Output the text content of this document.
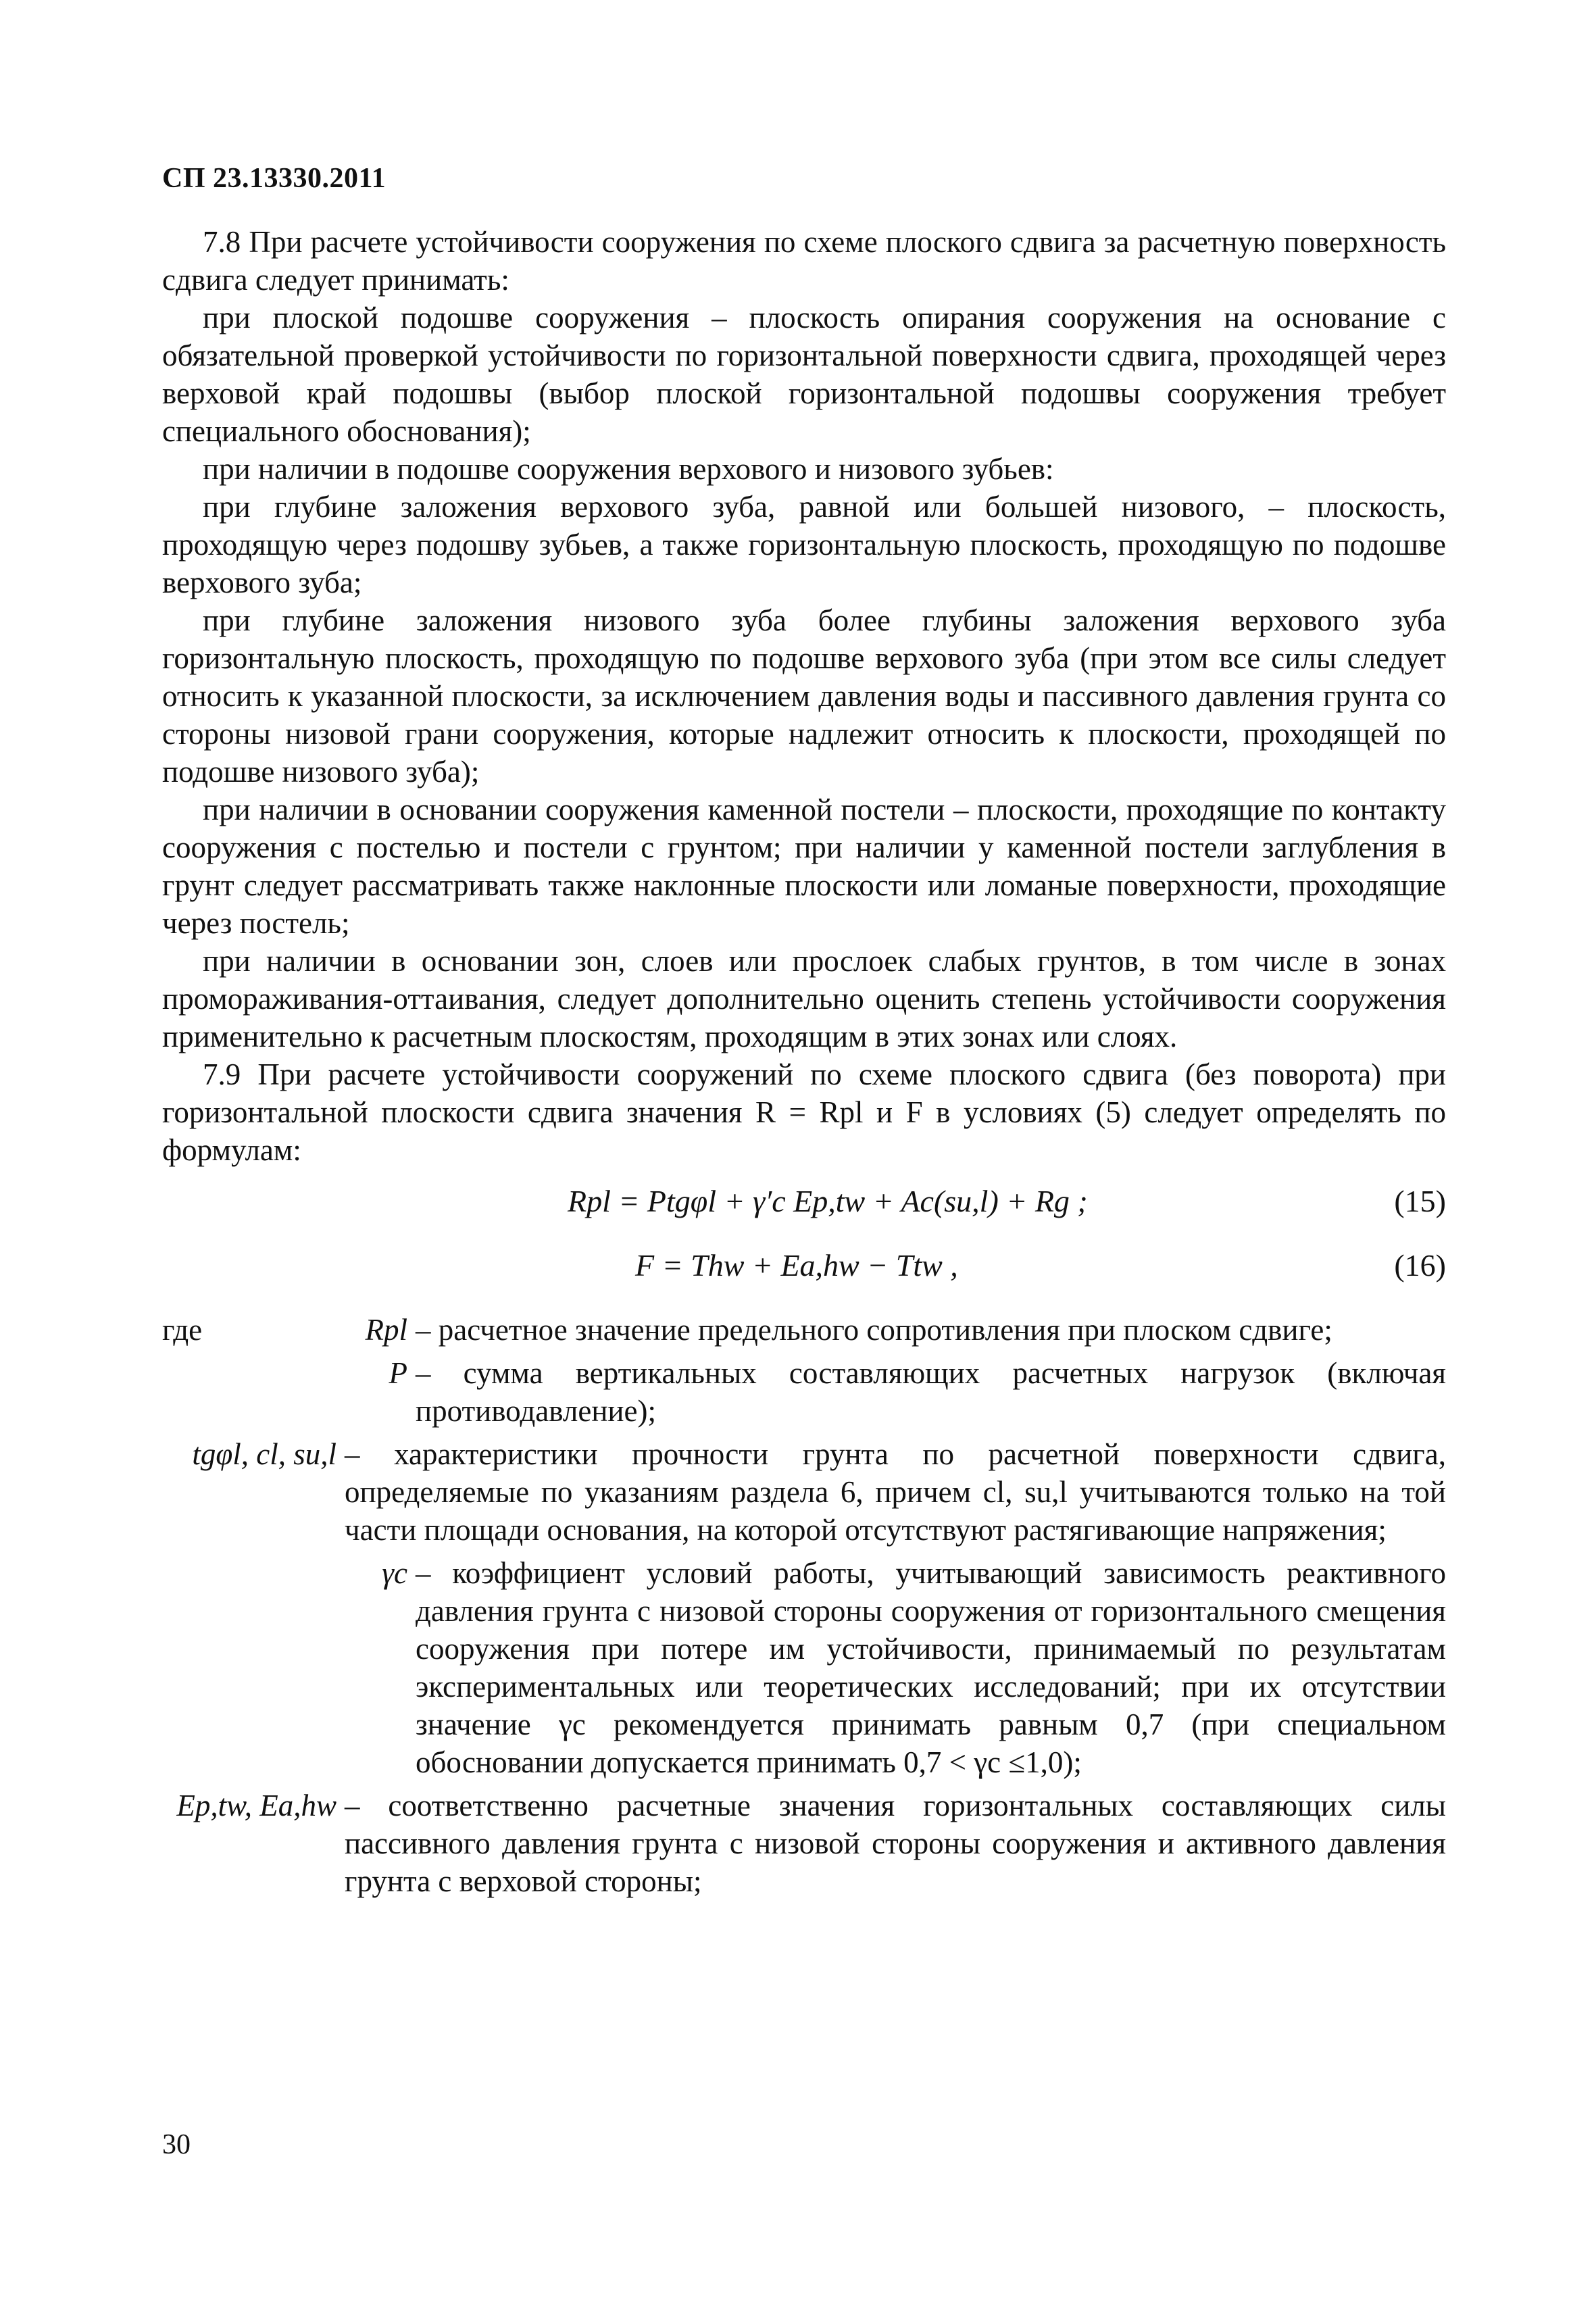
СП 23.13330.2011

7.8 При расчете устойчивости сооружения по схеме плоского сдвига за расчетную поверхность сдвига следует принимать:

при плоской подошве сооружения – плоскость опирания сооружения на основание с обязательной проверкой устойчивости по горизонтальной поверхности сдвига, проходящей через верховой край подошвы (выбор плоской горизонтальной подошвы сооружения требует специального обоснования);

при наличии в подошве сооружения верхового и низового зубьев:

при глубине заложения верхового зуба, равной или большей низового, – плоскость, проходящую через подошву зубьев, а также горизонтальную плоскость, проходящую по подошве верхового зуба;

при глубине заложения низового зуба более глубины заложения верхового зуба горизонтальную плоскость, проходящую по подошве верхового зуба (при этом все силы следует относить к указанной плоскости, за исключением давления воды и пассивного давления грунта со стороны низовой грани сооружения, которые надлежит относить к плоскости, проходящей по подошве низового зуба);

при наличии в основании сооружения каменной постели – плоскости, проходящие по контакту сооружения с постелью и постели с грунтом; при наличии у каменной постели заглубления в грунт следует рассматривать также наклонные плоскости или ломаные поверхности, проходящие через постель;

при наличии в основании зон, слоев или прослоек слабых грунтов, в том числе в зонах промораживания-оттаивания, следует дополнительно оценить степень устойчивости сооружения применительно к расчетным плоскостям, проходящим в этих зонах или слоях.

7.9 При расчете устойчивости сооружений по схеме плоского сдвига (без поворота) при горизонтальной плоскости сдвига значения R = Rpl и F в условиях (5) следует определять по формулам:

Rpl = Ptgφl + γ′c Ep,tw + Ac(su,l) + Rg ;	(15)
F = Thw + Ea,hw − Ttw ,	(16)
где	Rpl – расчетное значение предельного сопротивления при плоском сдвиге;
P – сумма вертикальных составляющих расчетных нагрузок (включая противодавление);
tgφl, cl, su,l – характеристики прочности грунта по расчетной поверхности сдвига, определяемые по указаниям раздела 6, причем cl, su,l учитываются только на той части площади основания, на которой отсутствуют растягивающие напряжения;
γc – коэффициент условий работы, учитывающий зависимость реактивного давления грунта с низовой стороны сооружения от горизонтального смещения сооружения при потере им устойчивости, принимаемый по результатам экспериментальных или теоретических исследований; при их отсутствии значение γc рекомендуется принимать равным 0,7 (при специальном обосновании допускается принимать 0,7 < γc ≤1,0);
Ep,tw, Ea,hw – соответственно расчетные значения горизонтальных составляющих силы пассивного давления грунта с низовой стороны сооружения и активного давления грунта с верховой стороны;
30
